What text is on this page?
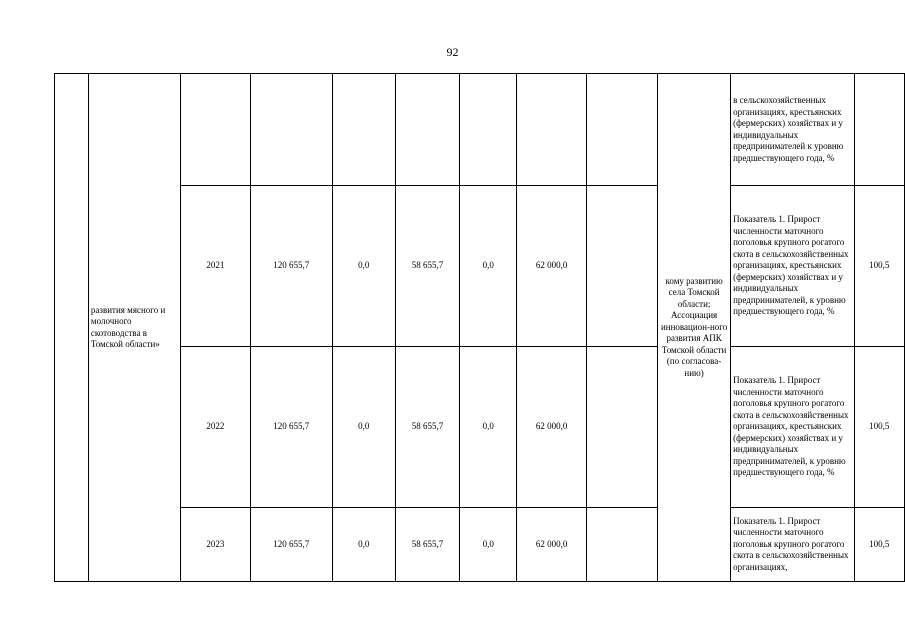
92
	развития мясного и молочного скотоводства в Томской области»								кому развитию села Томской области; Ассоциация инновацион-ного развития АПК Томской области (по согласова-нию)	в сельскохозяйственных организациях, крестьянских (фермерских) хозяйствах и у индивидуальных предпринимателей к уровню предшествующего года, %	
		2021	120 655,7	0,0	58 655,7	0,0	62 000,0			Показатель 1. Прирост численности маточного поголовья крупного рогатого скота в сельскохозяйственных организациях, крестьянских (фермерских) хозяйствах и у индивидуальных предпринимателей, к уровню предшествующего года, %	100,5
		2022	120 655,7	0,0	58 655,7	0,0	62 000,0			Показатель 1. Прирост численности маточного поголовья крупного рогатого скота в сельскохозяйственных организациях, крестьянских (фермерских) хозяйствах и у индивидуальных предпринимателей, к уровню предшествующего года, %	100,5
		2023	120 655,7	0,0	58 655,7	0,0	62 000,0			Показатель 1. Прирост численности маточного поголовья крупного рогатого скота в сельскохозяйственных организациях,	100,5
